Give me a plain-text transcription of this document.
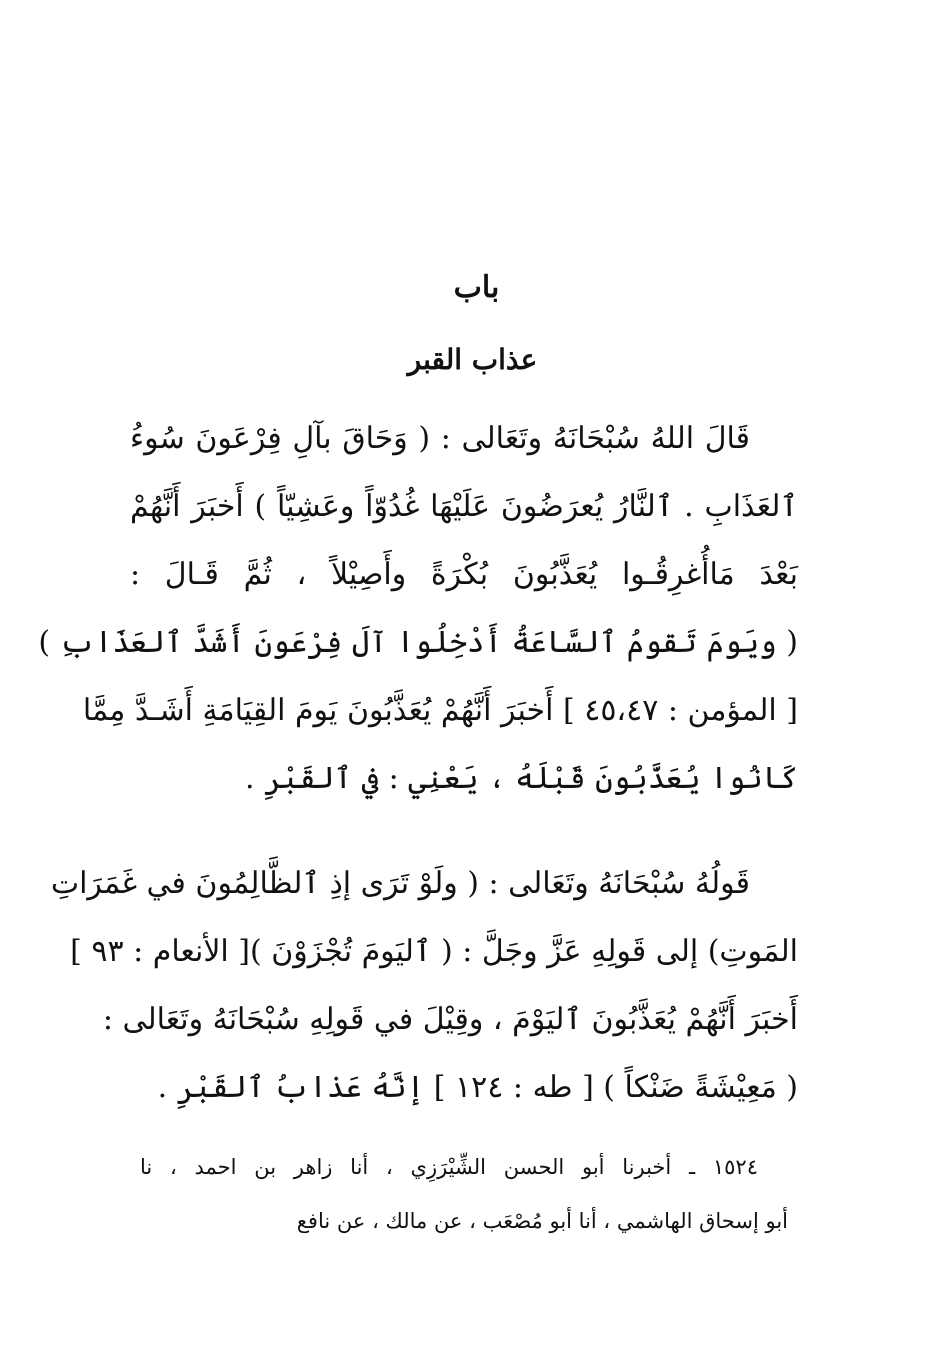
باب
عذاب القبر
قَالَ اللهُ سُبْحَانَهُ وتَعَالى : ( وَحَاقَ بآلِ فِرْعَونَ سُوءُ
ٱلعَذَابِ . ٱلنَّارُ يُعرَضُونَ عَلَيْهَا غُدُوّاً وعَشِيّاً ) أَخبَرَ أَنَّهُمْ
بَعْدَ مَاأُغرِقُـوا يُعَذَّبُونَ بُكْرَةً وأَصِيْلاً ، ثُمَّ قَـالَ :
( ويَومَ تَقومُ ٱلسَّاعَةُ أَدْخِلُوا آلَ فِرْعَونَ أَشَدَّ ٱلعَذَابِ )
[ المؤمن : ٤٥،٤٧ ] أَخبَرَ أَنَّهُمْ يُعَذَّبُونَ يَومَ القِيَامَةِ أَشَـدَّ مِمَّا
كَانُوا يُعَذَّبُونَ قَبْلَهُ ، يَعْنِي : في ٱلقَبْرِ .
قَولُهُ سُبْحَانَهُ وتَعَالى : ( ولَوْ تَرَى إذِ ٱلظَّالِمُونَ في غَمَرَاتِ
المَوتِ) إلى قَولِهِ عَزَّ وجَلَّ : ( ٱليَومَ تُجْزَوْنَ )[ الأنعام : ٩٣ ]
أَخبَرَ أَنَّهُمْ يُعَذَّبُونَ ٱليَوْمَ ، وقِيْلَ في قَولِهِ سُبْحَانَهُ وتَعَالى :
( مَعِيْشَةً ضَنْكاً ) [ طه : ١٢٤ ] إنَّهُ عَذابُ ٱلقَبْرِ .
١٥٢٤ ـ أخبرنا أبو الحسن الشِّيْرَزِي ، أنا زاهر بن احمد ، نا
أبو إسحاق الهاشمي ، أنا أبو مُصْعَب ، عن مالك ، عن نافع
